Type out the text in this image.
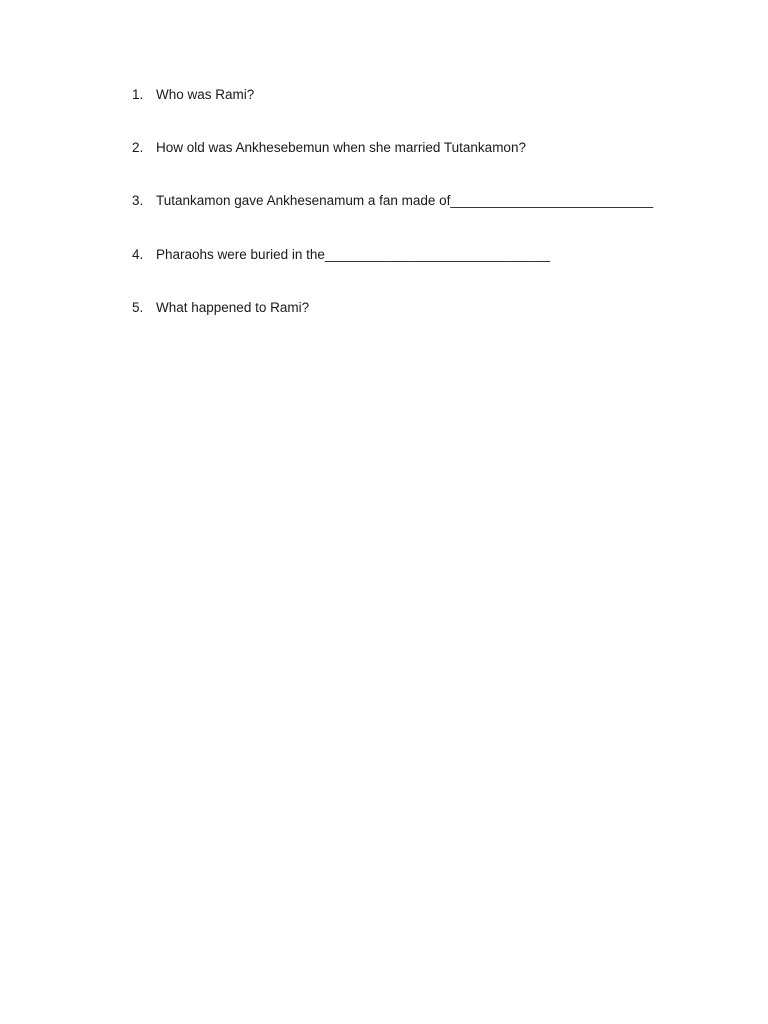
1. Who was Rami?
2. How old was Ankhesebemun when she married Tutankamon?
3. Tutankamon gave Ankhesenamum a fan made of___________________________
4. Pharaohs were buried in the______________________________
5. What happened to Rami?
